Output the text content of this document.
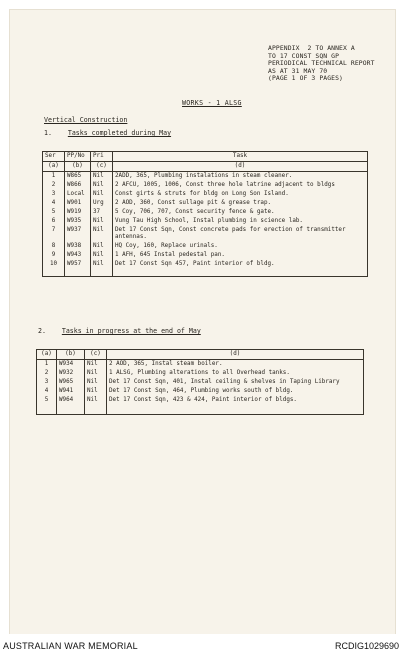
APPENDIX  2 TO ANNEX A
TO 17 CONST SQN GP
PERIODICAL TECHNICAL REPORT
AS AT 31 MAY 70
(PAGE 1 OF 3 PAGES)
WORKS - 1 ALSG
Vertical Construction
1. Tasks completed during May
Ser	PP/No	Pri	Task
(a)	(b)	(c)	(d)
1	W865	Nil	2ADD, 365, Plumbing instalations in steam cleaner.
2	W866	Nil	2 AFCU, 1005, 1006, Const three hole latrine adjacent to bldgs
3	Local	Nil	Const girts & struts for bldg on Long Son Island.
4	W901	Urg	2 AOD, 360, Const sullage pit & grease trap.
5	W919	37	5 Coy, 706, 707, Const security fence & gate.
6	W935	Nil	Vung Tau High School, Instal plumbing in science lab.
7	W937	Nil	Det 17 Const Sqn, Const concrete pads for erection of transmitter antennas.
8	W938	Nil	HQ Coy, 160, Replace urinals.
9	W943	Nil	1 AFH, 645 Instal pedestal pan.
10	W957	Nil	Det 17 Const Sqn 457, Paint interior of bldg.
2. Tasks in progress at the end of May
(a)	(b)	(c)	(d)
1	W934	Nil	2 AOD, 365, Instal steam boiler.
2	W932	Nil	1 ALSG, Plumbing alterations to all Overhead tanks.
3	W965	Nil	Det 17 Const Sqn, 401, Instal ceiling & shelves in Taping Library
4	W941	Nil	Det 17 Const Sqn, 464, Plumbing works south of bldg.
5	W964	Nil	Det 17 Const Sqn, 423 & 424, Paint interior of bldgs.
AUSTRALIAN WAR MEMORIAL	RCDIG1029690
